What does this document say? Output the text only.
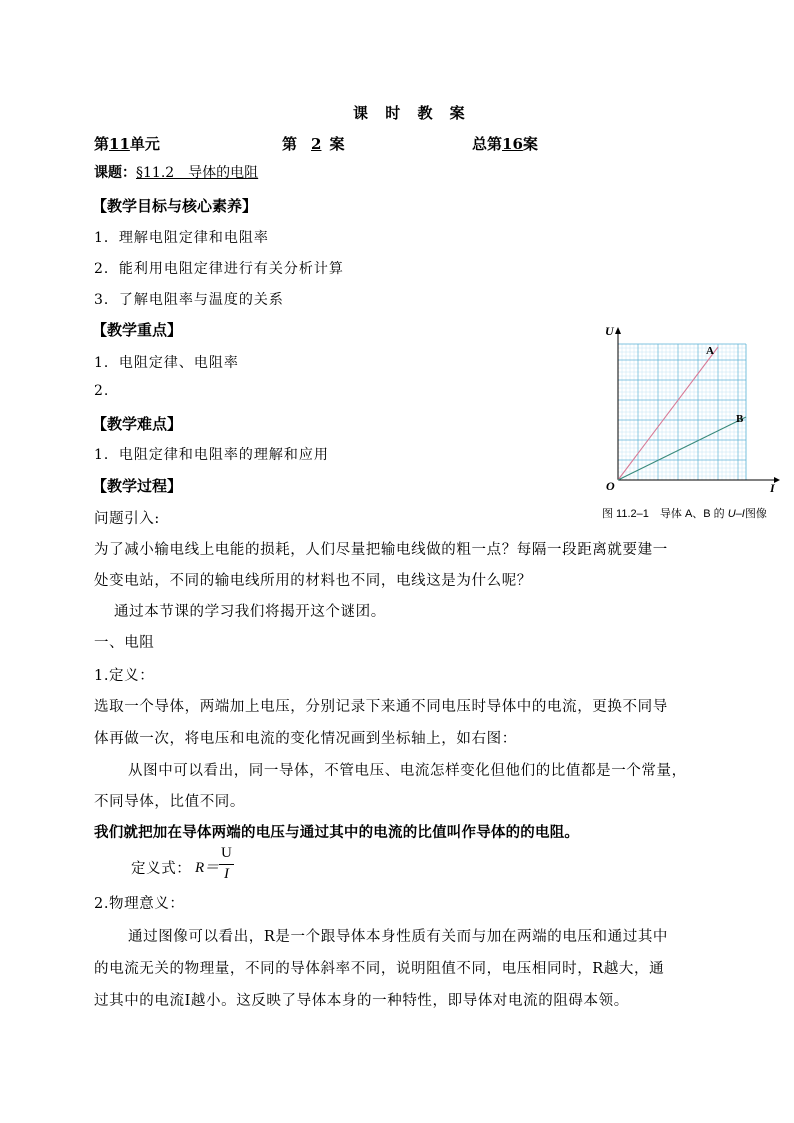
课 时 教 案
第11单元	第 2 案	总第16案
课题：§11.2　导体的电阻
【教学目标与核心素养】
1．理解电阻定律和电阻率
2．能利用电阻定律进行有关分析计算
3．了解电阻率与温度的关系
【教学重点】
1．电阻定律、电阻率
2.
【教学难点】
1．电阻定律和电阻率的理解和应用
【教学过程】
问题引入:
为了减小输电线上电能的损耗，人们尽量把输电线做的粗一点？每隔一段距离就要建一
处变电站，不同的输电线所用的材料也不同，电线这是为什么呢？
通过本节课的学习我们将揭开这个谜团。
一、电阻
1.定义：
选取一个导体，两端加上电压，分别记录下来通不同电压时导体中的电流，更换不同导
体再做一次，将电压和电流的变化情况画到坐标轴上，如右图：
从图中可以看出，同一导体，不管电压、电流怎样变化但他们的比值都是一个常量，
不同导体，比值不同。
我们就把加在导体两端的电压与通过其中的电流的比值叫作导体的的电阻。
定义式： R＝
U
I
2.物理意义：
通过图像可以看出，R是一个跟导体本身性质有关而与加在两端的电压和通过其中
的电流无关的物理量，不同的导体斜率不同，说明阻值不同，电压相同时，R越大，通
过其中的电流I越小。这反映了导体本身的一种特性，即导体对电流的阻碍本领。
A
B
U
I
O
图 11.2–1　导体 A、B 的 U–I图像
